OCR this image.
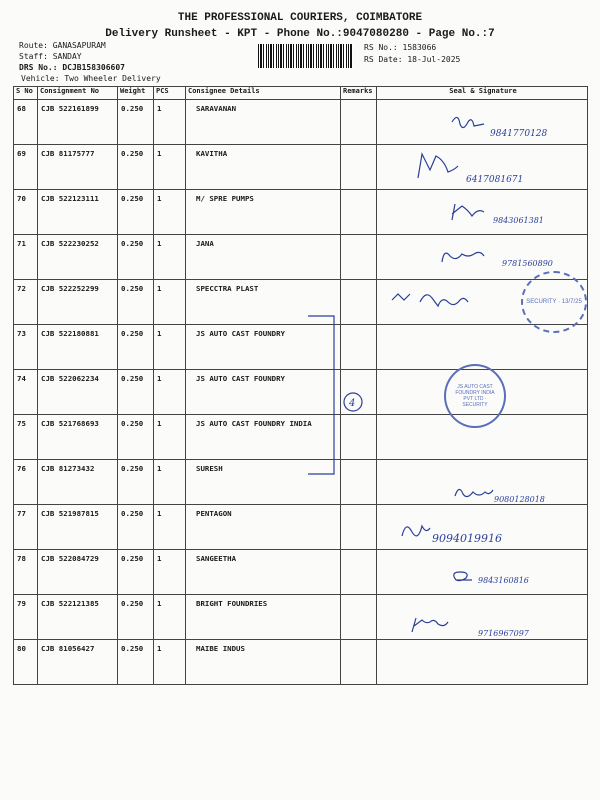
THE PROFESSIONAL COURIERS, COIMBATORE
Delivery Runsheet - KPT - Phone No.:9047080280 - Page No.:7
Route: GANASAPURAM
Staff: SANDAY
DRS No.: DCJB158306607
Vehicle: Two Wheeler Delivery
RS No.: 1583066
RS Date: 18-Jul-2025
S No	Consignment No	Weight	PCS	Consignee Details	Remarks	Seal & Signature
68	CJB 522161899	0.250	1	SARAVANAN		
69	CJB 81175777	0.250	1	KAVITHA		
70	CJB 522123111	0.250	1	M/ SPRE PUMPS		
71	CJB 522230252	0.250	1	JANA		
72	CJB 522252299	0.250	1	SPECCTRA PLAST		
73	CJB 522180881	0.250	1	JS AUTO CAST FOUNDRY		
74	CJB 522062234	0.250	1	JS AUTO CAST FOUNDRY		
75	CJB 521768693	0.250	1	JS AUTO CAST FOUNDRY INDIA		
76	CJB 81273432	0.250	1	SURESH		
77	CJB 521987815	0.250	1	PENTAGON		
78	CJB 522084729	0.250	1	SANGEETHA		
79	CJB 522121385	0.250	1	BRIGHT FOUNDRIES		
80	CJB 81056427	0.250	1	MAIBE INDUS		
9841770128
6417081671
9843061381
9781560890
4
9080128018
9094019916
9843160816
9716967097
SECURITY · 13/7/25
JS AUTO CAST FOUNDRY INDIA PVT LTD · SECURITY
